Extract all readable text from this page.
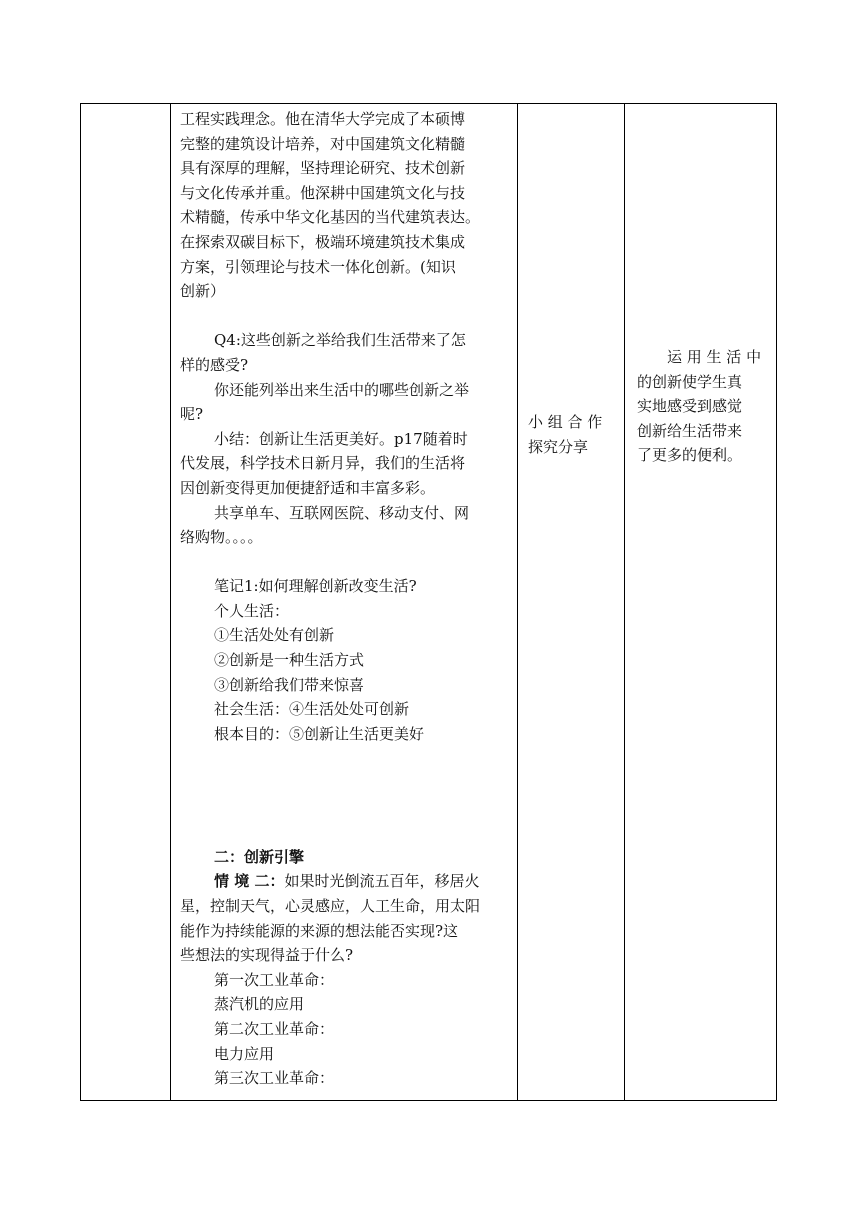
工程实践理念。他在清华大学完成了本硕博
完整的建筑设计培养，对中国建筑文化精髓
具有深厚的理解，坚持理论研究、技术创新
与文化传承并重。他深耕中国建筑文化与技
术精髓，传承中华文化基因的当代建筑表达。
在探索双碳目标下，极端环境建筑技术集成
方案，引领理论与技术一体化创新。(知识
创新）
Q4:这些创新之举给我们生活带来了怎
样的感受?
你还能列举出来生活中的哪些创新之举
呢?
小结：创新让生活更美好。p17随着时
代发展，科学技术日新月异，我们的生活将
因创新变得更加便捷舒适和丰富多彩。
共享单车、互联网医院、移动支付、网
络购物。。。。
笔记1:如何理解创新改变生活?
个人生活：
①生活处处有创新
②创新是一种生活方式
③创新给我们带来惊喜
社会生活：④生活处处可创新
根本目的：⑤创新让生活更美好
二：创新引擎
情 境 二：如果时光倒流五百年，移居火
星，控制天气，心灵感应，人工生命，用太阳
能作为持续能源的来源的想法能否实现?这
些想法的实现得益于什么?
第一次工业革命：
蒸汽机的应用
第二次工业革命：
电力应用
第三次工业革命：
小 组 合 作
探究分享
运 用 生 活 中
的创新使学生真
实地感受到感觉
创新给生活带来
了更多的便利。
